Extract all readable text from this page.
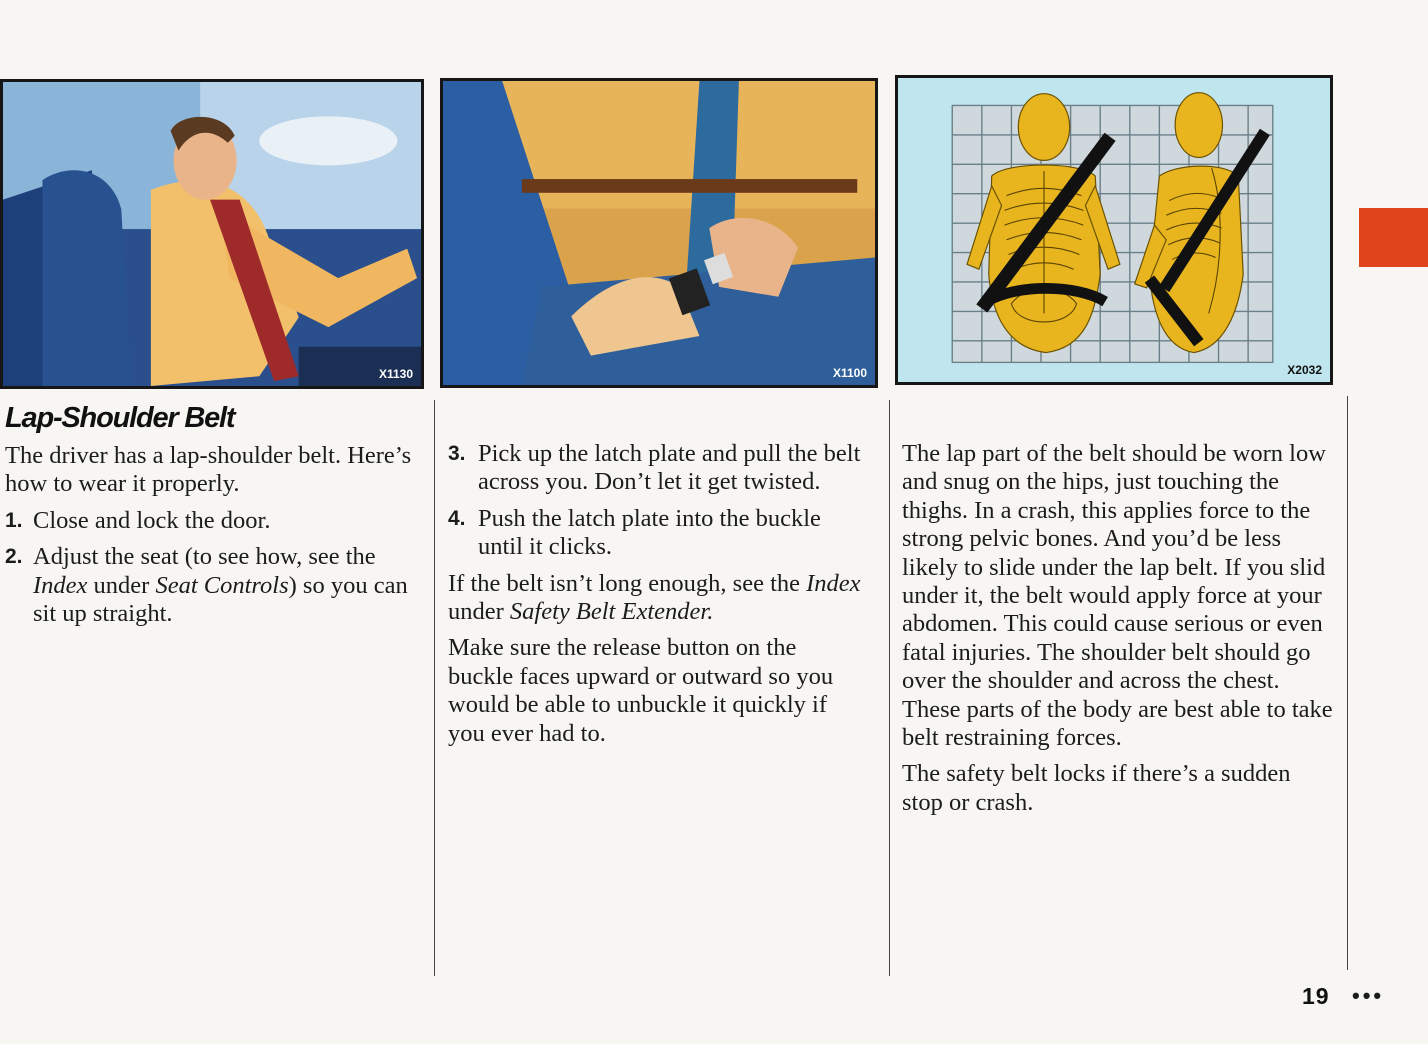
X1130	X1100	X2032
Lap-Shoulder Belt

The driver has a lap-shoulder belt. Here’s how to wear it properly.

1. Close and lock the door.
2. Adjust the seat (to see how, see the Index under Seat Controls) so you can sit up straight.
3. Pick up the latch plate and pull the belt across you. Don’t let it get twisted.
4. Push the latch plate into the buckle until it clicks.

If the belt isn’t long enough, see the Index under Safety Belt Extender.

Make sure the release button on the buckle faces upward or outward so you would be able to unbuckle it quickly if you ever had to.

The lap part of the belt should be worn low and snug on the hips, just touching the thighs. In a crash, this applies force to the strong pelvic bones. And you’d be less likely to slide under the lap belt. If you slid under it, the belt would apply force at your abdomen. This could cause serious or even fatal injuries. The shoulder belt should go over the shoulder and across the chest. These parts of the body are best able to take belt restraining forces.

The safety belt locks if there’s a sudden stop or crash.

19 •••
